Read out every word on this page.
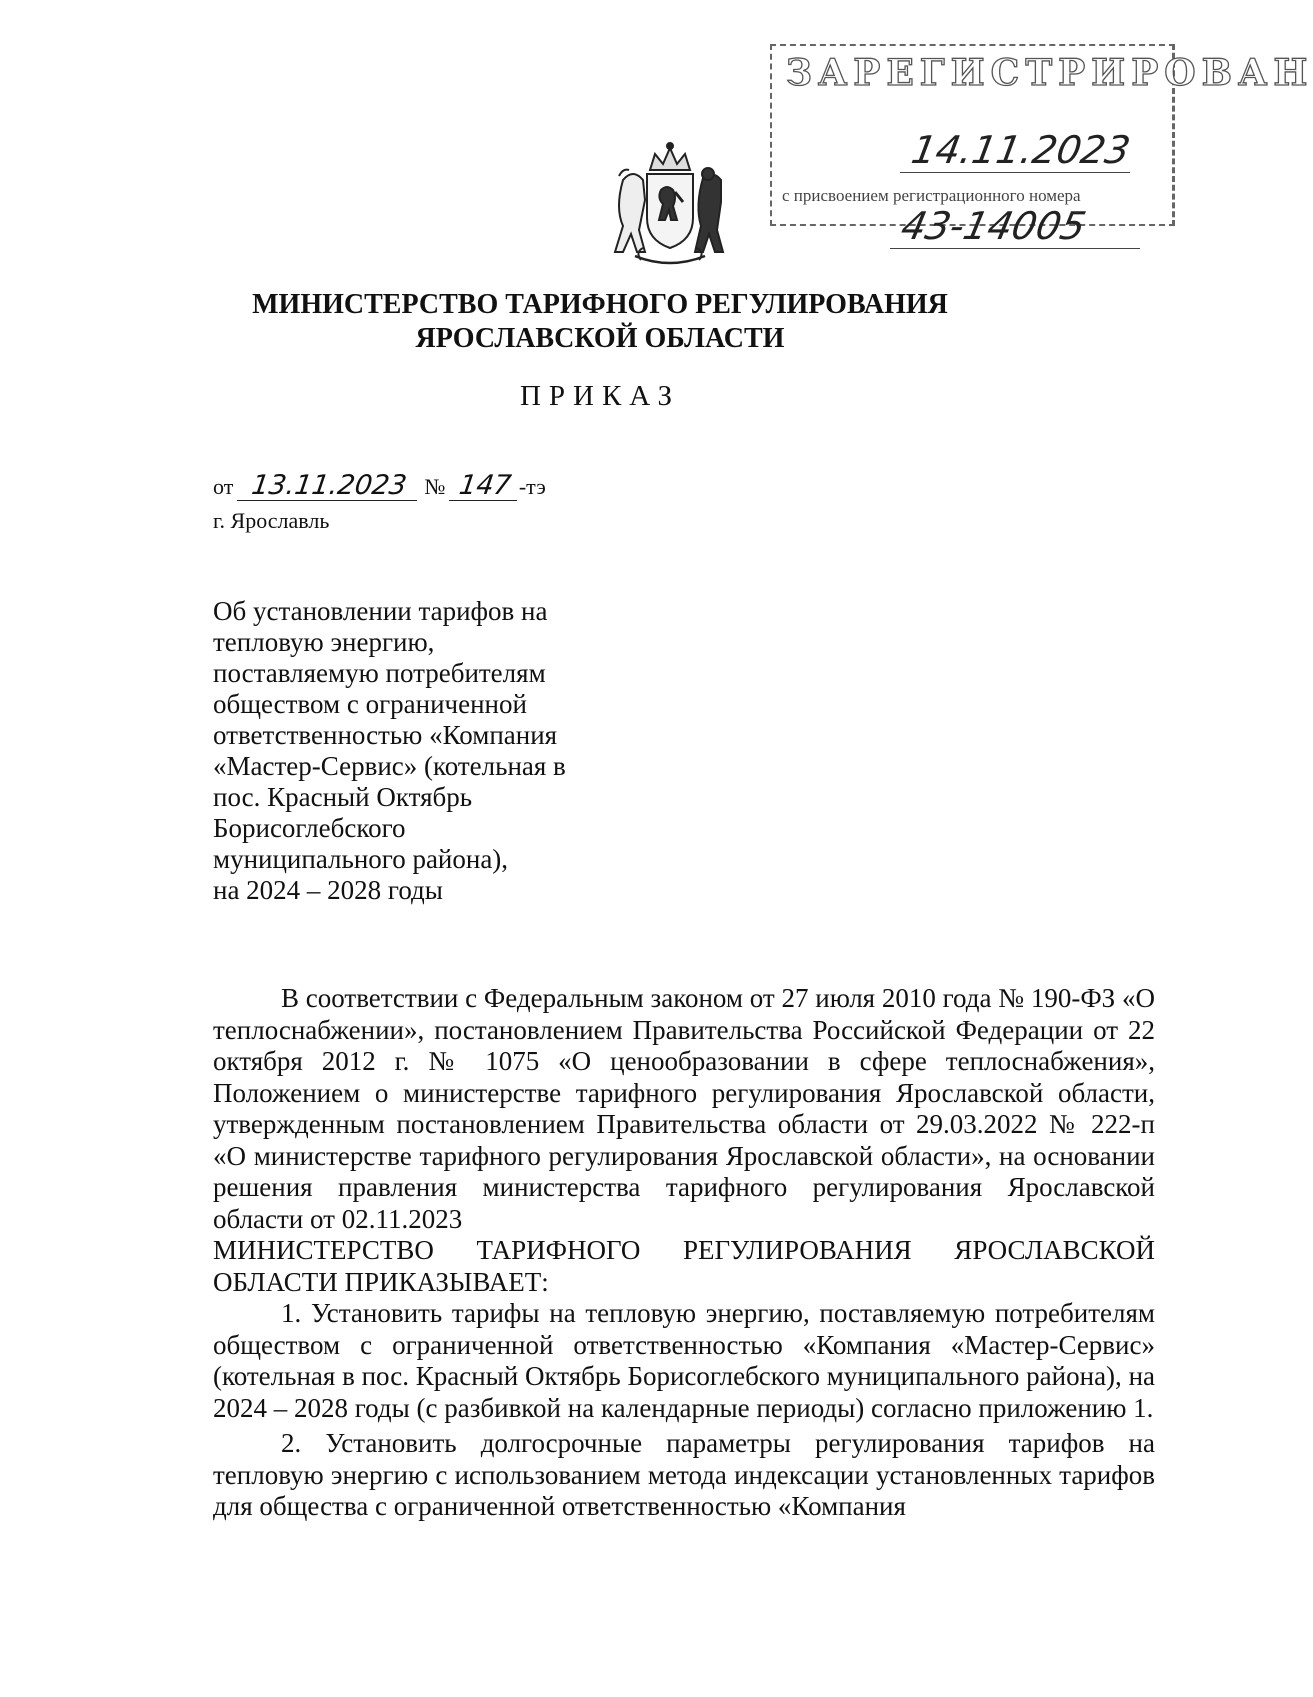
ЗАРЕГИСТРИРОВАН
14.11.2023
с присвоением регистрационного номера
43-14005
МИНИСТЕРСТВО ТАРИФНОГО РЕГУЛИРОВАНИЯ
ЯРОСЛАВСКОЙ ОБЛАСТИ
ПРИКАЗ
от 13.11.2023 № 147 -тэ
г. Ярославль
Об установлении тарифов на
тепловую энергию,
поставляемую потребителям
обществом с ограниченной
ответственностью «Компания
«Мастер-Сервис» (котельная в
пос. Красный Октябрь
Борисоглебского
муниципального района),
на 2024 – 2028 годы

В соответствии с Федеральным законом от 27 июля 2010 года № 190-ФЗ «О теплоснабжении», постановлением Правительства Российской Федерации от 22 октября 2012 г. № 1075 «О ценообразовании в сфере теплоснабжения», Положением о министерстве тарифного регулирования Ярославской области, утвержденным постановлением Правительства области от 29.03.2022 № 222-п «О министерстве тарифного регулирования Ярославской области», на основании решения правления министерства тарифного регулирования Ярославской области от 02.11.2023

МИНИСТЕРСТВО ТАРИФНОГО РЕГУЛИРОВАНИЯ ЯРОСЛАВСКОЙ ОБЛАСТИ ПРИКАЗЫВАЕТ:

1. Установить тарифы на тепловую энергию, поставляемую потребителям обществом с ограниченной ответственностью «Компания «Мастер-Сервис» (котельная в пос. Красный Октябрь Борисоглебского муниципального района), на 2024 – 2028 годы (с разбивкой на календарные периоды) согласно приложению 1.

2. Установить долгосрочные параметры регулирования тарифов на тепловую энергию с использованием метода индексации установленных тарифов для общества с ограниченной ответственностью «Компания
